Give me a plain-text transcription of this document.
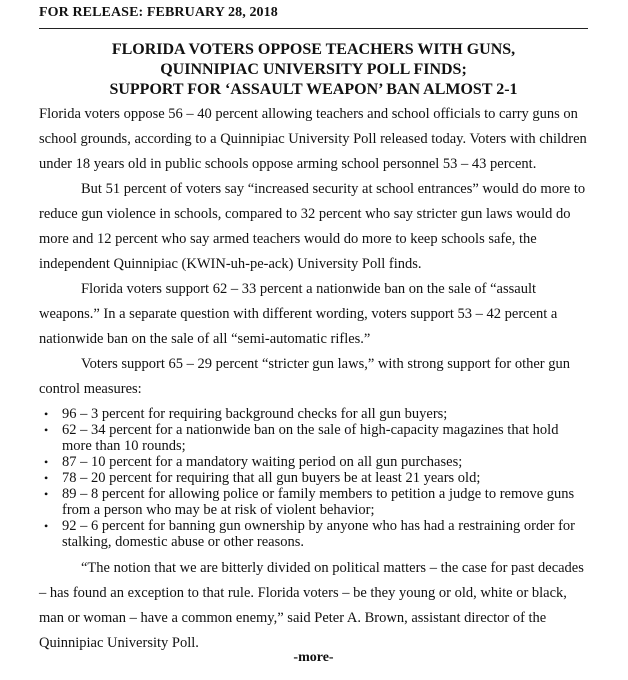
FOR RELEASE: FEBRUARY 28, 2018
FLORIDA VOTERS OPPOSE TEACHERS WITH GUNS,
QUINNIPIAC UNIVERSITY POLL FINDS;
SUPPORT FOR ‘ASSAULT WEAPON’ BAN ALMOST 2-1

Florida voters oppose 56 – 40 percent allowing teachers and school officials to carry guns on school grounds, according to a Quinnipiac University Poll released today. Voters with children under 18 years old in public schools oppose arming school personnel 53 – 43 percent.

But 51 percent of voters say “increased security at school entrances” would do more to reduce gun violence in schools, compared to 32 percent who say stricter gun laws would do more and 12 percent who say armed teachers would do more to keep schools safe, the independent Quinnipiac (KWIN-uh-pe-ack) University Poll finds.

Florida voters support 62 – 33 percent a nationwide ban on the sale of “assault weapons.” In a separate question with different wording, voters support 53 – 42 percent a nationwide ban on the sale of all “semi-automatic rifles.”

Voters support 65 – 29 percent “stricter gun laws,” with strong support for other gun control measures:

• 96 – 3 percent for requiring background checks for all gun buyers;
• 62 – 34 percent for a nationwide ban on the sale of high-capacity magazines that hold more than 10 rounds;
• 87 – 10 percent for a mandatory waiting period on all gun purchases;
• 78 – 20 percent for requiring that all gun buyers be at least 21 years old;
• 89 – 8 percent for allowing police or family members to petition a judge to remove guns from a person who may be at risk of violent behavior;
• 92 – 6 percent for banning gun ownership by anyone who has had a restraining order for stalking, domestic abuse or other reasons.

“The notion that we are bitterly divided on political matters – the case for past decades – has found an exception to that rule. Florida voters – be they young or old, white or black, man or woman – have a common enemy,” said Peter A. Brown, assistant director of the Quinnipiac University Poll.

-more-
